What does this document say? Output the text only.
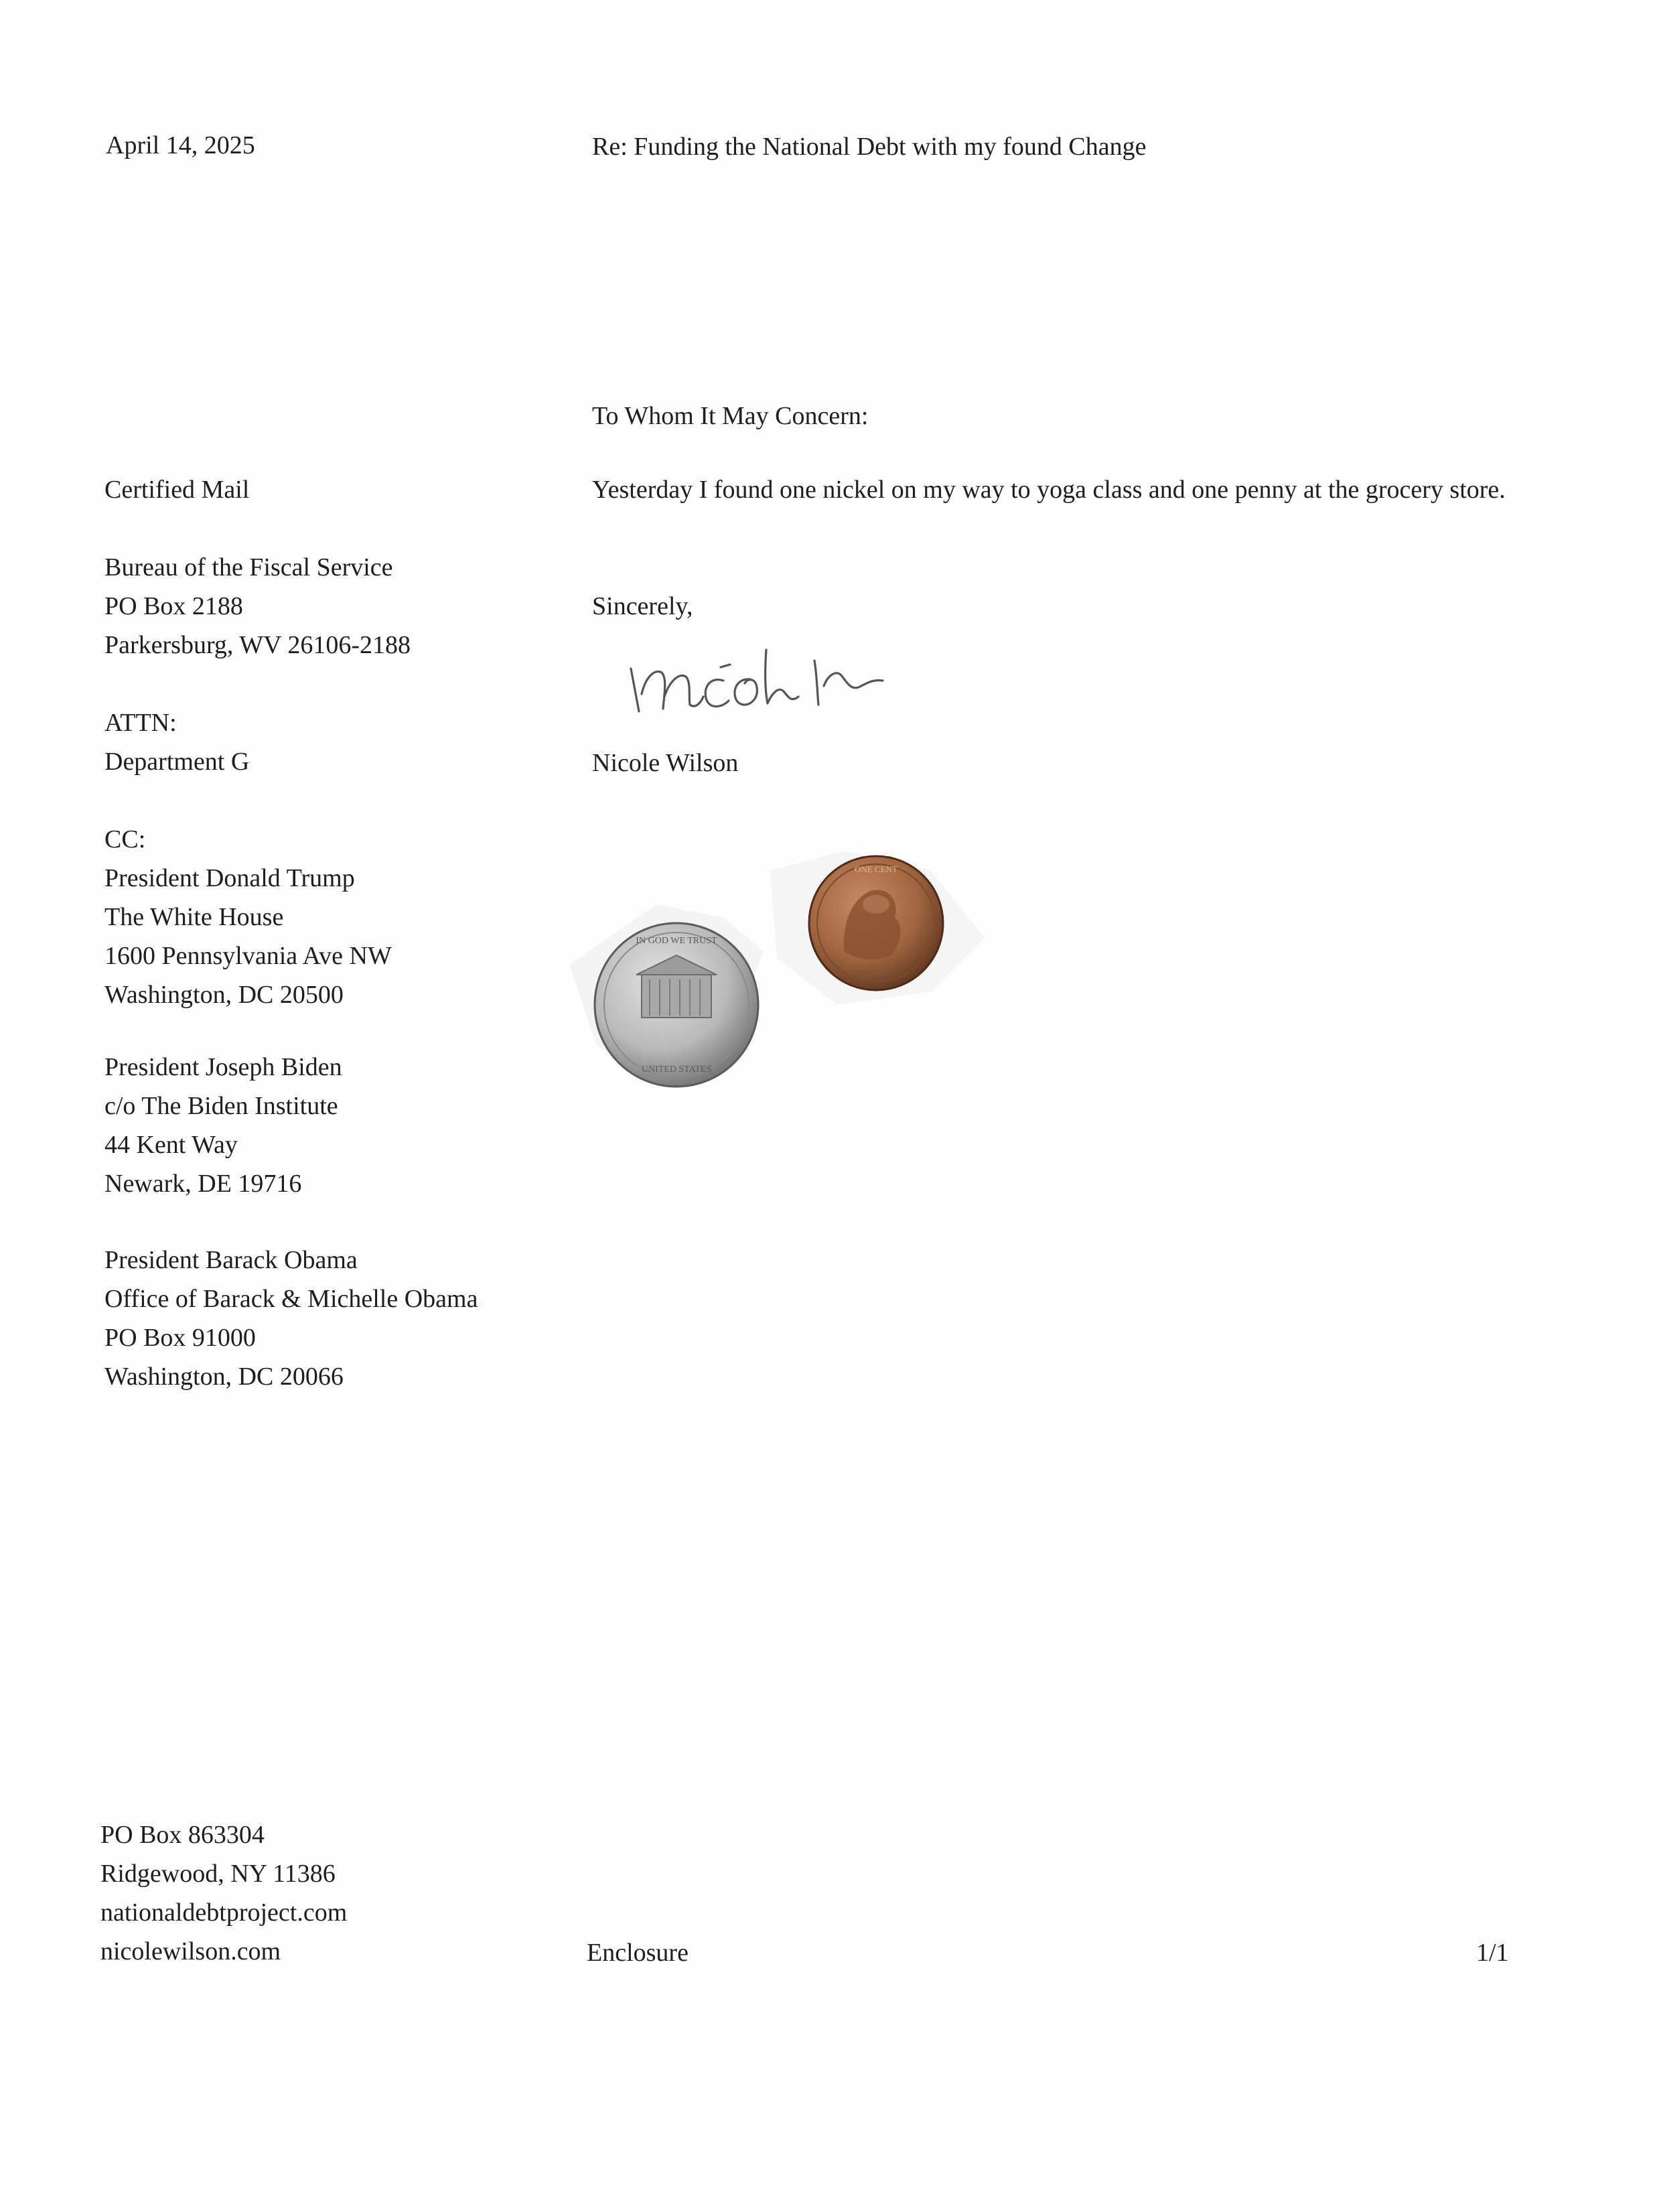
April 14, 2025	Re: Funding the National Debt with my found Change
To Whom It May Concern:
Certified Mail
Bureau of the Fiscal Service
PO Box 2188
Parkersburg, WV 26106-2188
ATTN:
Department G
CC:
President Donald Trump
The White House
1600 Pennsylvania Ave NW
Washington, DC 20500
President Joseph Biden
c/o The Biden Institute
44 Kent Way
Newark, DE 19716
President Barack Obama
Office of Barack & Michelle Obama
PO Box 91000
Washington, DC 20066
Yesterday I found one nickel on my way to yoga class and one penny at the grocery store.
Sincerely,
Nicole Wilson
IN GOD WE TRUST
UNITED STATES
ONE CENT
PO Box 863304
Ridgewood, NY 11386
nationaldebtproject.com
nicolewilson.com	Enclosure	1/1
